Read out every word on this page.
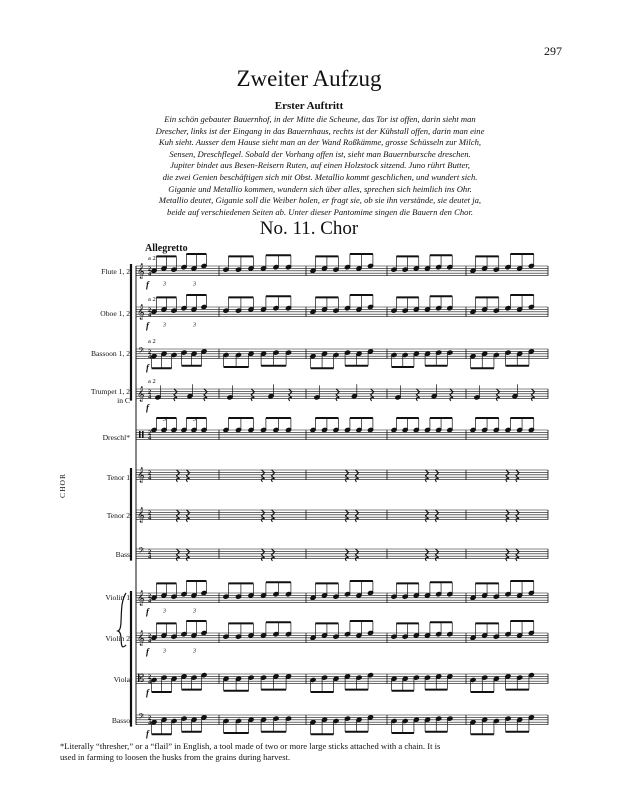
297
Zweiter Aufzug
Erster Auftritt
Ein schön gebauter Bauernhof, in der Mitte die Scheune, das Tor ist offen, darin sieht man
Drescher, links ist der Eingang in das Bauernhaus, rechts ist der Kühstall offen, darin man eine
Kuh sieht. Ausser dem Hause sieht man an der Wand Roßkämme, grosse Schüsseln zur Milch,
Sensen, Dreschflegel. Sobald der Vorhang offen ist, sieht man Bauernbursche dreschen.
Jupiter bindet aus Besen-Reisern Ruten, auf einen Holzstock sitzend. Juno rührt Butter,
die zwei Genien beschäftigen sich mit Obst. Metallio kommt geschlichen, und wundert sich.
Giganie und Metallio kommen, wundern sich über alles, sprechen sich heimlich ins Ohr.
Metallio deutet, Giganie soll die Weiber holen, er fragt sie, ob sie ihn verstände, sie deutet ja,
beide auf verschiedenen Seiten ab. Unter dieser Pantomime singen die Bauern den Chor.
No. 11. Chor
Allegretto
Flute 1, 2
Oboe 1, 2
Bassoon 1, 2
Trumpet 1, 2
in C
Dreschl*
Tenor 1
Tenor 2
Bass
Violin 1
Violin 2
Viola
Basso
CHOR
𝄞 2
4
a 2
f 3	3
𝄞 2
4
a 2
f 3	3
𝄢 2
4
a 2
f
𝄞 2
4
a 2
f
2
4
3	3
𝄞 2
4
𝄞 2
4
𝄢 2
4
𝄞 2
4
f 3	3
𝄞 2
4
f 3	3
𝄡 2
4
f
𝄢 2
4
f
*Literally “thresher,” or a “flail” in English, a tool made of two or more large sticks attached with a chain. It is
used in farming to loosen the husks from the grains during harvest.
